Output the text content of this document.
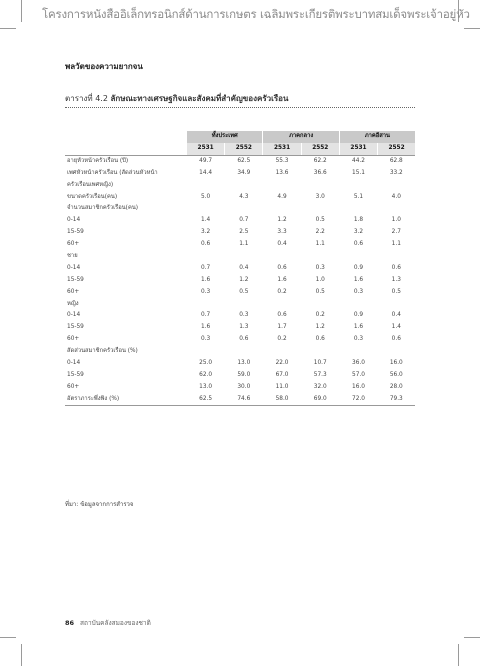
โครงการหนังสืออิเล็กทรอนิกส์ด้านการเกษตร เฉลิมพระเกียรติพระบาทสมเด็จพระเจ้าอยู่หัว
พลวัตของความยากจน
ตารางที่ 4.2 ลักษณะทางเศรษฐกิจและสังคมที่สำคัญของครัวเรือน
	ทั้งประเทศ		ภาคกลาง		ภาคอีสาน	
	2531	2552	2531	2552	2531	2552
อายุหัวหน้าครัวเรือน (ปี)	49.7	62.5	55.3	62.2	44.2	62.8
เพศหัวหน้าครัวเรือน (สัดส่วนหัวหน้า	14.4	34.9	13.6	36.6	15.1	33.2
ครัวเรือนเพศหญิง)						
ขนาดครัวเรือน(คน)	5.0	4.3	4.9	3.0	5.1	4.0
จำนวนสมาชิกครัวเรือน(คน)						
0-14	1.4	0.7	1.2	0.5	1.8	1.0
15-59	3.2	2.5	3.3	2.2	3.2	2.7
60+	0.6	1.1	0.4	1.1	0.6	1.1
ชาย						
0-14	0.7	0.4	0.6	0.3	0.9	0.6
15-59	1.6	1.2	1.6	1.0	1.6	1.3
60+	0.3	0.5	0.2	0.5	0.3	0.5
หญิง						
0-14	0.7	0.3	0.6	0.2	0.9	0.4
15-59	1.6	1.3	1.7	1.2	1.6	1.4
60+	0.3	0.6	0.2	0.6	0.3	0.6
สัดส่วนสมาชิกครัวเรือน (%)						
0-14	25.0	13.0	22.0	10.7	36.0	16.0
15-59	62.0	59.0	67.0	57.3	57.0	56.0
60+	13.0	30.0	11.0	32.0	16.0	28.0
อัตราภาระพึ่งพิง (%)	62.5	74.6	58.0	69.0	72.0	79.3
ที่มา: ข้อมูลจากการสำรวจ
86 สถาบันคลังสมองของชาติ
